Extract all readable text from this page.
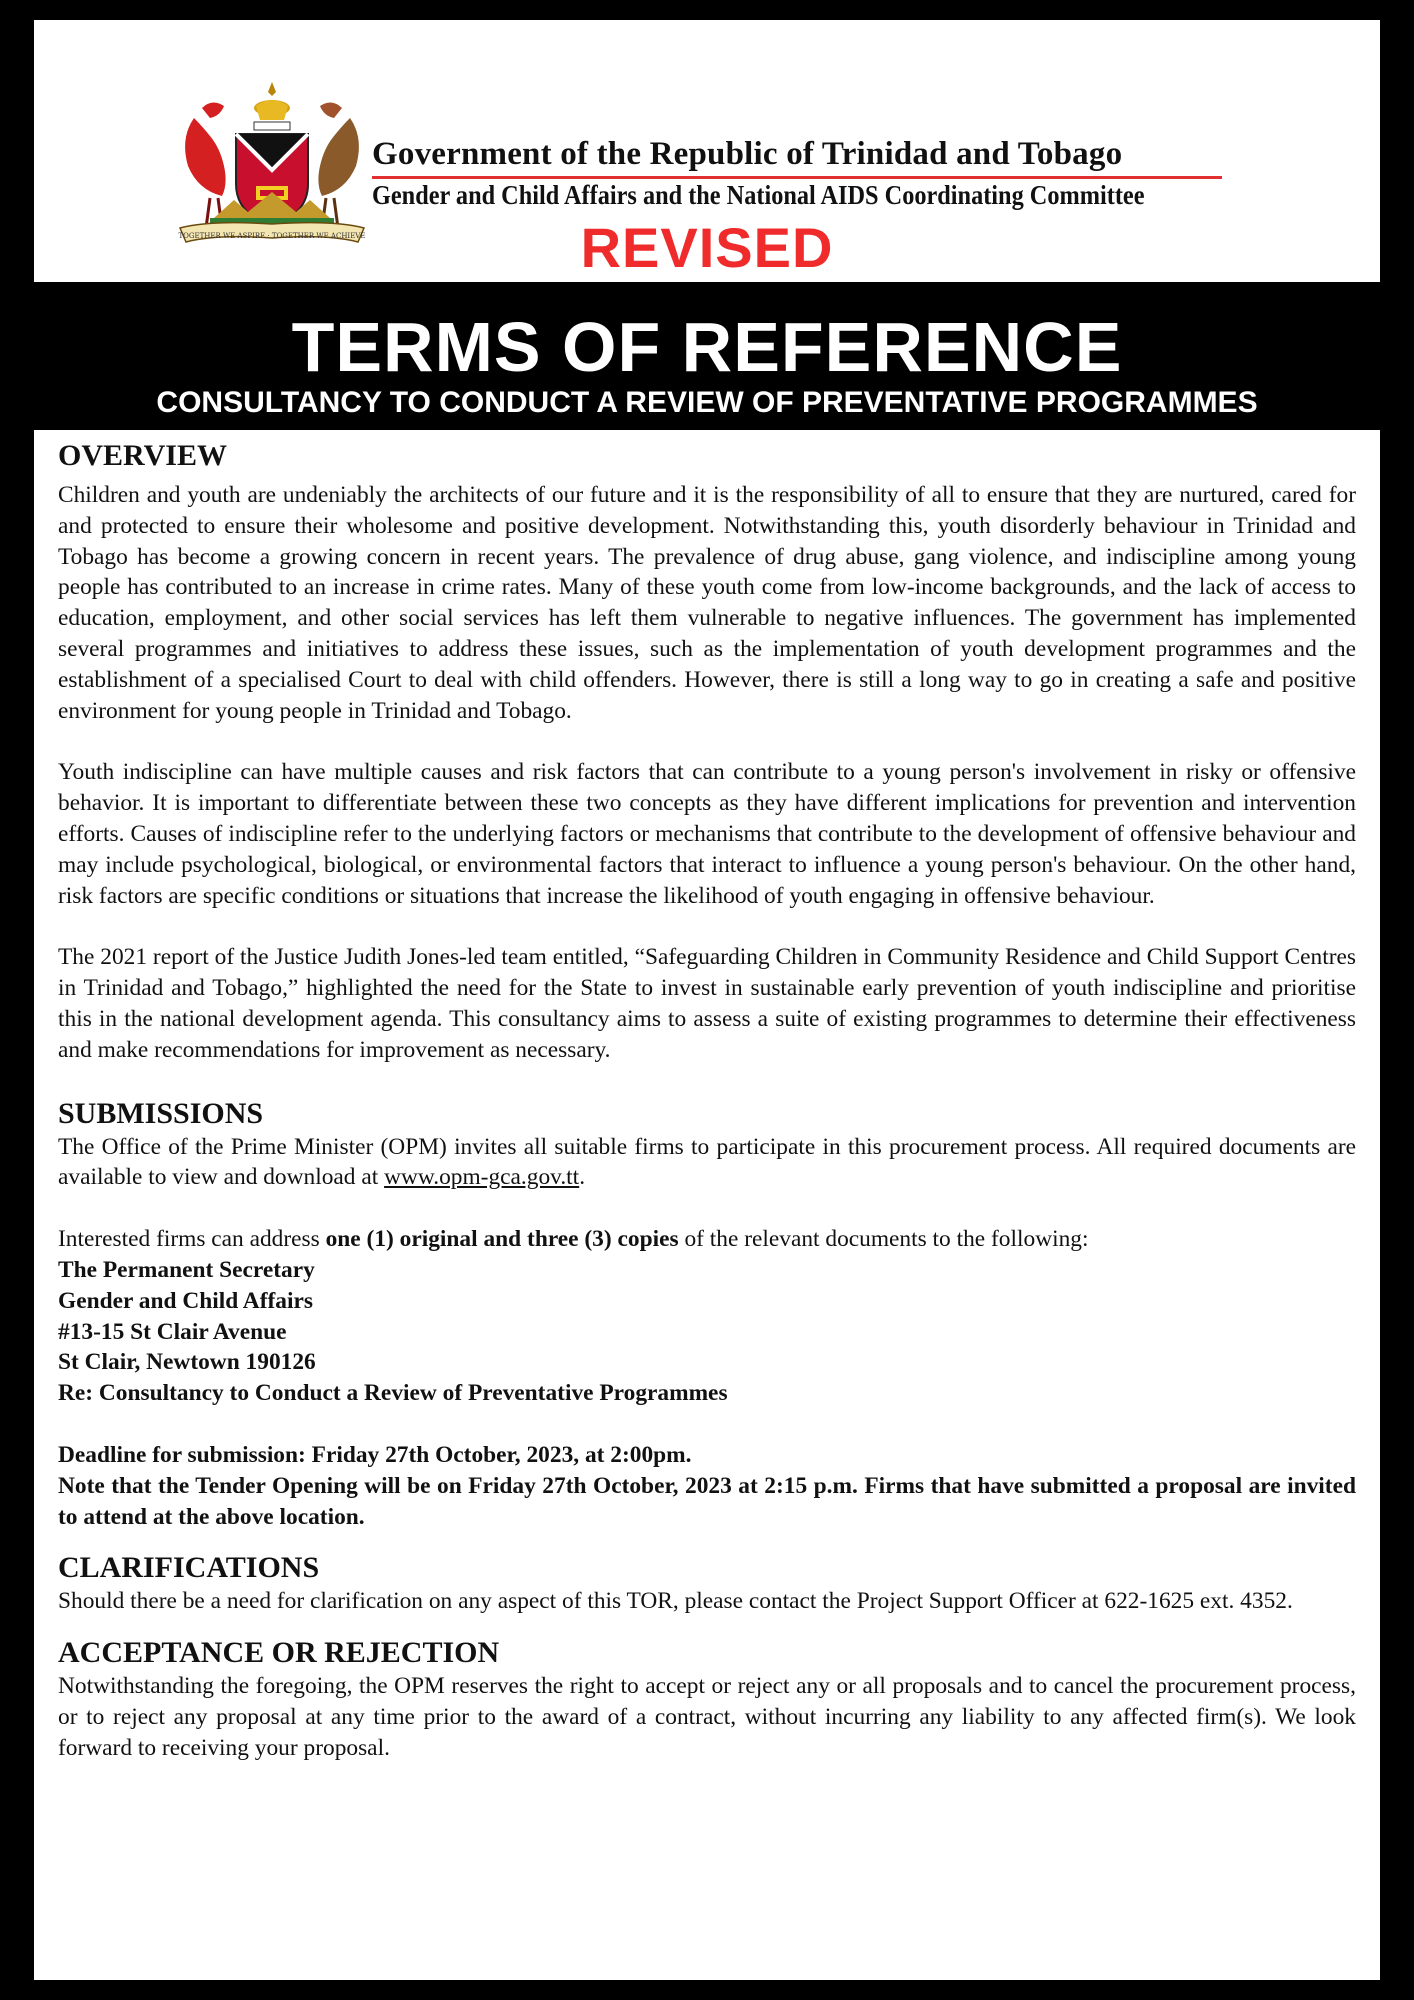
TOGETHER WE ASPIRE · TOGETHER WE ACHIEVE
Government of the Republic of Trinidad and Tobago
Gender and Child Affairs and the National AIDS Coordinating Committee
REVISED
TERMS OF REFERENCE
CONSULTANCY TO CONDUCT A REVIEW OF PREVENTATIVE PROGRAMMES
OVERVIEW

Children and youth are undeniably the architects of our future and it is the responsibility of all to ensure that they are nurtured, cared for and protected to ensure their wholesome and positive development. Notwithstanding this, youth disorderly behaviour in Trinidad and Tobago has become a growing concern in recent years. The prevalence of drug abuse, gang violence, and indiscipline among young people has contributed to an increase in crime rates. Many of these youth come from low-income backgrounds, and the lack of access to education, employment, and other social services has left them vulnerable to negative influences. The government has implemented several programmes and initiatives to address these issues, such as the implementation of youth development programmes and the establishment of a specialised Court to deal with child offenders. However, there is still a long way to go in creating a safe and positive environment for young people in Trinidad and Tobago.

Youth indiscipline can have multiple causes and risk factors that can contribute to a young person's involvement in risky or offensive behavior. It is important to differentiate between these two concepts as they have different implications for prevention and intervention efforts. Causes of indiscipline refer to the underlying factors or mechanisms that contribute to the development of offensive behaviour and may include psychological, biological, or environmental factors that interact to influence a young person's behaviour. On the other hand, risk factors are specific conditions or situations that increase the likelihood of youth engaging in offensive behaviour.

The 2021 report of the Justice Judith Jones-led team entitled, “Safeguarding Children in Community Residence and Child Support Centres in Trinidad and Tobago,” highlighted the need for the State to invest in sustainable early prevention of youth indiscipline and prioritise this in the national development agenda. This consultancy aims to assess a suite of existing programmes to determine their effectiveness and make recommendations for improvement as necessary.

SUBMISSIONS

The Office of the Prime Minister (OPM) invites all suitable firms to participate in this procurement process. All required documents are available to view and download at www.opm-gca.gov.tt.

Interested firms can address one (1) original and three (3) copies of the relevant documents to the following:

The Permanent Secretary

Gender and Child Affairs

#13-15 St Clair Avenue

St Clair, Newtown 190126

Re: Consultancy to Conduct a Review of Preventative Programmes

Deadline for submission: Friday 27th October, 2023, at 2:00pm.

Note that the Tender Opening will be on Friday 27th October, 2023 at 2:15 p.m. Firms that have submitted a proposal are invited to attend at the above location.

CLARIFICATIONS

Should there be a need for clarification on any aspect of this TOR, please contact the Project Support Officer at 622-1625 ext. 4352.

ACCEPTANCE OR REJECTION

Notwithstanding the foregoing, the OPM reserves the right to accept or reject any or all proposals and to cancel the procurement process, or to reject any proposal at any time prior to the award of a contract, without incurring any liability to any affected firm(s). We look forward to receiving your proposal.
